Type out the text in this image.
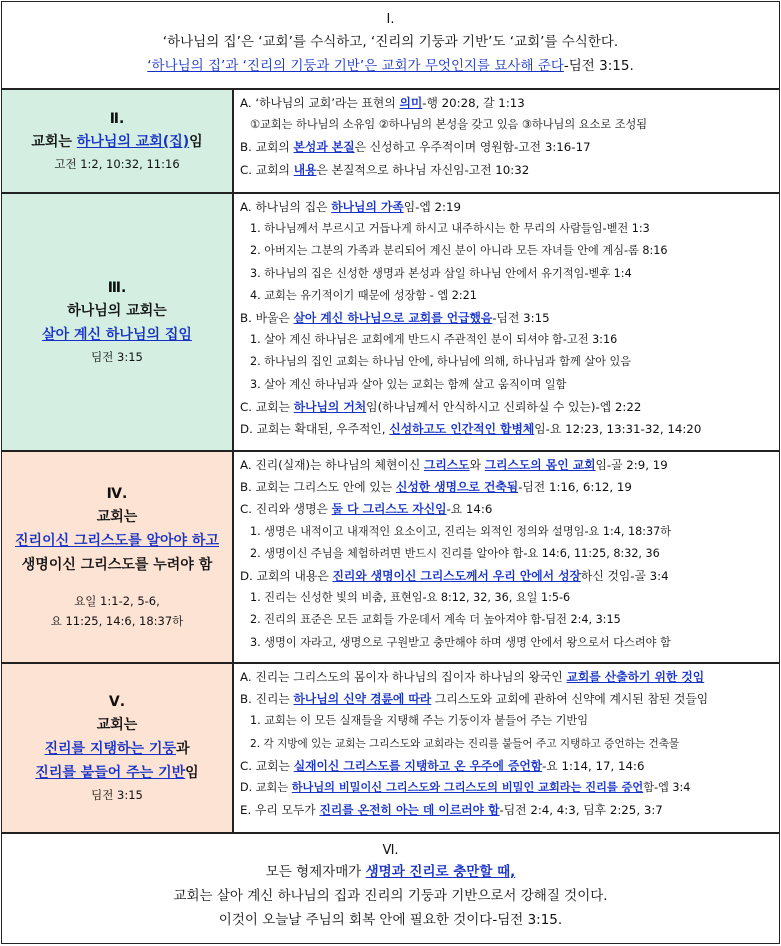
Ⅰ.
‘하나님의 집’은 ‘교회’를 수식하고, ‘진리의 기둥과 기반’도 ‘교회’를 수식한다.
‘하나님의 집’과 ‘진리의 기둥과 기반’은 교회가 무엇인지를 묘사해 준다-딤전 3:15.
Ⅱ.
교회는 하나님의 교회(집)임
고전 1:2, 10:32, 11:16
A. ‘하나님의 교회’라는 표현의 의미-행 20:28, 갈 1:13
①교회는 하나님의 소유임 ②하나님의 본성을 갖고 있음 ③하나님의 요소로 조성됨
B. 교회의 본성과 본질은 신성하고 우주적이며 영원함-고전 3:16-17
C. 교회의 내용은 본질적으로 하나님 자신임-고전 10:32
Ⅲ.
하나님의 교회는
살아 계신 하나님의 집임
딤전 3:15
A. 하나님의 집은 하나님의 가족임-엡 2:19
1. 하나님께서 부르시고 거듭나게 하시고 내주하시는 한 무리의 사람들임-벧전 1:3
2. 아버지는 그분의 가족과 분리되어 계신 분이 아니라 모든 자녀들 안에 계심-롬 8:16
3. 하나님의 집은 신성한 생명과 본성과 삼일 하나님 안에서 유기적임-벧후 1:4
4. 교회는 유기적이기 때문에 성장함 - 엡 2:21
B. 바울은 살아 계신 하나님으로 교회를 언급했음-딤전 3:15
1. 살아 계신 하나님은 교회에게 반드시 주관적인 분이 되셔야 함-고전 3:16
2. 하나님의 집인 교회는 하나님 안에, 하나님에 의해, 하나님과 함께 살아 있음
3. 살아 계신 하나님과 살아 있는 교회는 함께 살고 움직이며 일함
C. 교회는 하나님의 거처임(하나님께서 안식하시고 신뢰하실 수 있는)-엡 2:22
D. 교회는 확대된, 우주적인, 신성하고도 인간적인 합병체임-요 12:23, 13:31-32, 14:20
Ⅳ.
교회는
진리이신 그리스도를 알아야 하고
생명이신 그리스도를 누려야 함
요일 1:1-2, 5-6,
요 11:25, 14:6, 18:37하
A. 진리(실재)는 하나님의 체현이신 그리스도와 그리스도의 몸인 교회임-골 2:9, 19
B. 교회는 그리스도 안에 있는 신성한 생명으로 건축됨-딤전 1:16, 6:12, 19
C. 진리와 생명은 둘 다 그리스도 자신임-요 14:6
1. 생명은 내적이고 내재적인 요소이고, 진리는 외적인 정의와 설명임-요 1:4, 18:37하
2. 생명이신 주님을 체험하려면 반드시 진리를 알아야 함-요 14:6, 11:25, 8:32, 36
D. 교회의 내용은 진리와 생명이신 그리스도께서 우리 안에서 성장하신 것임-골 3:4
1. 진리는 신성한 빛의 비춤, 표현임-요 8:12, 32, 36, 요일 1:5-6
2. 진리의 표준은 모든 교회들 가운데서 계속 더 높아져야 함-딤전 2:4, 3:15
3. 생명이 자라고, 생명으로 구원받고 충만해야 하며 생명 안에서 왕으로서 다스려야 함
Ⅴ.
교회는
진리를 지탱하는 기둥과
진리를 붙들어 주는 기반임
딤전 3:15
A. 진리는 그리스도의 몸이자 하나님의 집이자 하나님의 왕국인 교회를 산출하기 위한 것임
B. 진리는 하나님의 신약 경륜에 따라 그리스도와 교회에 관하여 신약에 계시된 참된 것들임
1. 교회는 이 모든 실재들을 지탱해 주는 기둥이자 붙들어 주는 기반임
2. 각 지방에 있는 교회는 그리스도와 교회라는 진리를 붙들어 주고 지탱하고 증언하는 건축물
C. 교회는 실재이신 그리스도를 지탱하고 온 우주에 증언함-요 1:14, 17, 14:6
D. 교회는 하나님의 비밀이신 그리스도와 그리스도의 비밀인 교회라는 진리를 증언함-엡 3:4
E. 우리 모두가 진리를 온전히 아는 데 이르러야 함-딤전 2:4, 4:3, 딤후 2:25, 3:7
Ⅵ.
모든 형제자매가 생명과 진리로 충만할 때,
교회는 살아 계신 하나님의 집과 진리의 기둥과 기반으로서 강해질 것이다.
이것이 오늘날 주님의 회복 안에 필요한 것이다-딤전 3:15.
